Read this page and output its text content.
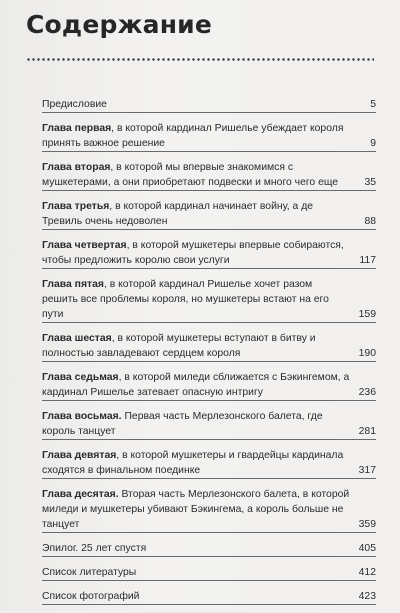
Содержание
Предисловие	5
Глава первая, в которой кардинал Ришелье убеждает короля принять важное решение	9
Глава вторая, в которой мы впервые знакомимся с мушкетерами, а они приобретают подвески и много чего еще	35
Глава третья, в которой кардинал начинает войну, а де Тревиль очень недоволен	88
Глава четвертая, в которой мушкетеры впервые собираются, чтобы предложить королю свои услуги	117
Глава пятая, в которой кардинал Ришелье хочет разом решить все проблемы короля, но мушкетеры встают на его пути	159
Глава шестая, в которой мушкетеры вступают в битву и полностью завладевают сердцем короля	190
Глава седьмая, в которой миледи сближается с Бэкингемом, а кардинал Ришелье затевает опасную интригу	236
Глава восьмая. Первая часть Мерлезонского балета, где король танцует	281
Глава девятая, в которой мушкетеры и гвардейцы кардинала сходятся в финальном поединке	317
Глава десятая. Вторая часть Мерлезонского балета, в которой миледи и мушкетеры убивают Бэкингема, а король больше не танцует	359
Эпилог. 25 лет спустя	405
Список литературы	412
Список фотографий	423
